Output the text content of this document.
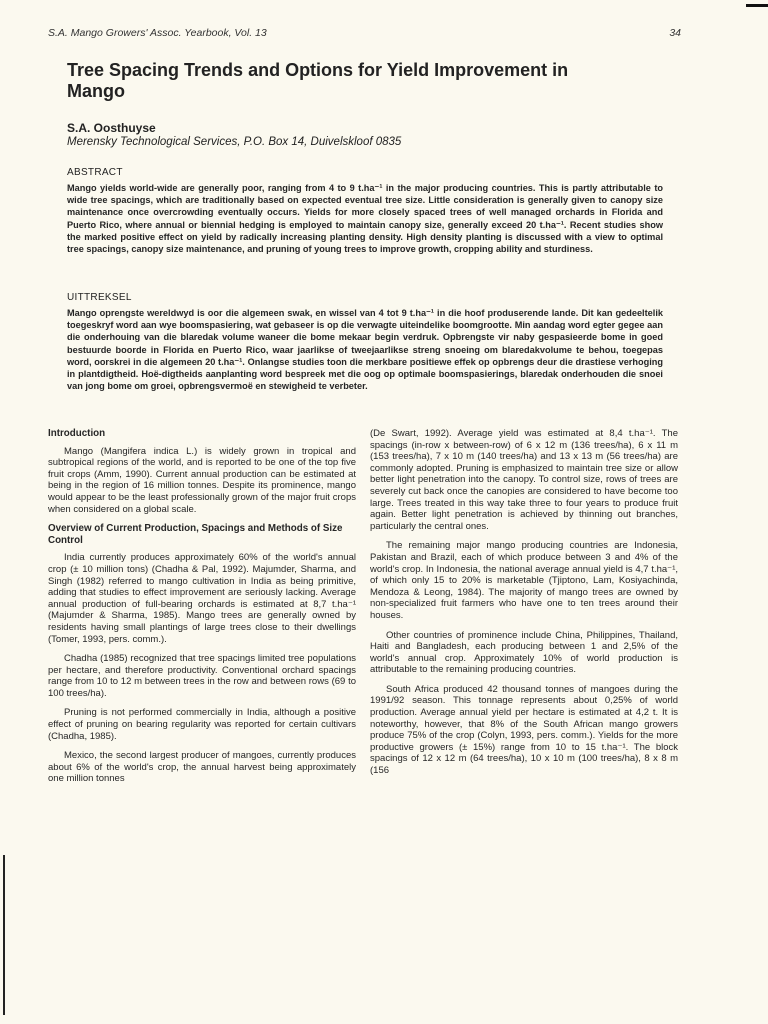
S.A. Mango Growers' Assoc. Yearbook, Vol. 13	34
Tree Spacing Trends and Options for Yield Improvement in Mango
S.A. Oosthuyse
Merensky Technological Services, P.O. Box 14, Duivelskloof 0835
ABSTRACT
Mango yields world-wide are generally poor, ranging from 4 to 9 t.ha⁻¹ in the major producing countries. This is partly attributable to wide tree spacings, which are traditionally based on expected eventual tree size. Little consideration is generally given to canopy size maintenance once overcrowding eventually occurs. Yields for more closely spaced trees of well managed orchards in Florida and Puerto Rico, where annual or biennial hedging is employed to maintain canopy size, generally exceed 20 t.ha⁻¹. Recent studies show the marked positive effect on yield by radically increasing planting density. High density planting is discussed with a view to optimal tree spacings, canopy size maintenance, and pruning of young trees to improve growth, cropping ability and sturdiness.
UITTREKSEL
Mango oprengste wereldwyd is oor die algemeen swak, en wissel van 4 tot 9 t.ha⁻¹ in die hoof produserende lande. Dit kan gedeeltelik toegeskryf word aan wye boomspasiering, wat gebaseer is op die verwagte uiteindelike boomgrootte. Min aandag word egter gegee aan die onderhouing van die blaredak volume waneer die bome mekaar begin verdruk. Opbrengste vir naby gespasieerde bome in goed bestuurde boorde in Florida en Puerto Rico, waar jaarlikse of tweejaarlikse streng snoeing om blaredakvolume te behou, toegepas word, oorskrei in die algemeen 20 t.ha⁻¹. Onlangse studies toon die merkbare positiewe effek op opbrengs deur die drastiese verhoging in plantdigtheid. Hoë-digtheids aanplanting word bespreek met die oog op optimale boomspasierings, blaredak onderhouden die snoei van jong bome om groei, opbrengsvermoë en stewigheid te verbeter.
Introduction

Mango (Mangifera indica L.) is widely grown in tropical and subtropical regions of the world, and is reported to be one of the top five fruit crops (Amm, 1990). Current annual production can be estimated at being in the region of 16 million tonnes. Despite its prominence, mango would appear to be the least professionally grown of the major fruit crops when considered on a global scale.

Overview of Current Production, Spacings and Methods of Size Control

India currently produces approximately 60% of the world's annual crop (± 10 million tons) (Chadha & Pal, 1992). Majumder, Sharma, and Singh (1982) referred to mango cultivation in India as being primitive, adding that studies to effect improvement are seriously lacking. Average annual production of full-bearing orchards is estimated at 8,7 t.ha⁻¹ (Majumder & Sharma, 1985). Mango trees are generally owned by residents having small plantings of large trees close to their dwellings (Tomer, 1993, pers. comm.).

Chadha (1985) recognized that tree spacings limited tree populations per hectare, and therefore productivity. Conventional orchard spacings range from 10 to 12 m between trees in the row and between rows (69 to 100 trees/ha).

Pruning is not performed commercially in India, although a positive effect of pruning on bearing regularity was reported for certain cultivars (Chadha, 1985).

Mexico, the second largest producer of mangoes, currently produces about 6% of the world's crop, the annual harvest being approximately one million tonnes

(De Swart, 1992). Average yield was estimated at 8,4 t.ha⁻¹. The spacings (in-row x between-row) of 6 x 12 m (136 trees/ha), 6 x 11 m (153 trees/ha), 7 x 10 m (140 trees/ha) and 13 x 13 m (56 trees/ha) are commonly adopted. Pruning is emphasized to maintain tree size or allow better light penetration into the canopy. To control size, rows of trees are severely cut back once the canopies are considered to have become too large. Trees treated in this way take three to four years to produce fruit again. Better light penetration is achieved by thinning out branches, particularly the central ones.

The remaining major mango producing countries are Indonesia, Pakistan and Brazil, each of which produce between 3 and 4% of the world's crop. In Indonesia, the national average annual yield is 4,7 t.ha⁻¹, of which only 15 to 20% is marketable (Tjiptono, Lam, Kosiyachinda, Mendoza & Leong, 1984). The majority of mango trees are owned by non-specialized fruit farmers who have one to ten trees around their houses.

Other countries of prominence include China, Philippines, Thailand, Haiti and Bangladesh, each producing between 1 and 2,5% of the world's annual crop. Approximately 10% of world production is attributable to the remaining producing countries.

South Africa produced 42 thousand tonnes of mangoes during the 1991/92 season. This tonnage represents about 0,25% of world production. Average annual yield per hectare is estimated at 4,2 t. It is noteworthy, however, that 8% of the South African mango growers produce 75% of the crop (Colyn, 1993, pers. comm.). Yields for the more productive growers (± 15%) range from 10 to 15 t.ha⁻¹. The block spacings of 12 x 12 m (64 trees/ha), 10 x 10 m (100 trees/ha), 8 x 8 m (156
